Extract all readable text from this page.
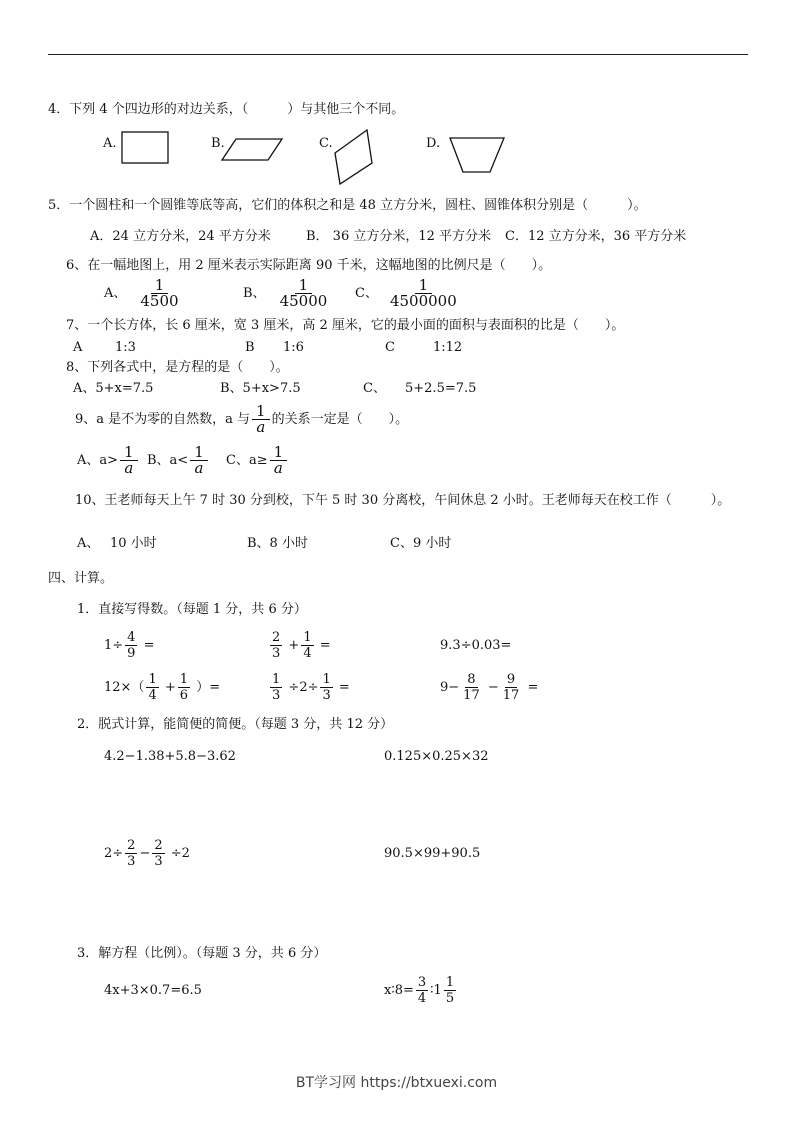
4．下列 4 个四边形的对边关系，（　　　）与其他三个不同。
A.	B.	C.	D.
5．一个圆柱和一个圆锥等底等高，它们的体积之和是 48 立方分米，圆柱、圆锥体积分别是（　　　）。
A．24 立方分米，24 平方分米	B． 36 立方分米，12 平方分米 C．12 立方分米，36 平方分米
6、在一幅地图上，用 2 厘米表示实际距离 90 千米，这幅地图的比例尺是（　　）。
A、 $\frac{1}{4500}$	B、 $\frac{1}{45000}$ C、 $\frac{1}{4500000}$
7、一个长方体，长 6 厘米，宽 3 厘米，高 2 厘米，它的最小面的面积与表面积的比是（　　）。
A	1:3	B 1:6	C	1:12
8、下列各式中，是方程的是（　　）。
A、5+x=7.5	B、5+x>7.5	C、 5+2.5=7.5
9、a 是不为零的自然数，a 与 $\frac{1}{a}$ 的关系一定是（　　）。
A、$a> \frac{1}{a}$ B、$a< \frac{1}{a}$ C、$a\ge \frac{1}{a}$
10、王老师每天上午 7 时 30 分到校，下午 5 时 30 分离校，午间休息 2 小时。王老师每天在校工作（　　　）。
A、 10 小时	B、8 小时	C、9 小时
四、计算。
1．直接写得数。（每题 1 分，共 6 分）
$1\div \frac{4}{9}$ =	$\frac{2}{3} + \frac{1}{4}$ =	9.3÷0.03=
$12\times( \frac{1}{4} + \frac{1}{6}$ ）=	$\frac{1}{3} \div 2\div \frac{1}{3}$ =	$9- \frac{8}{17} - \frac{9}{17}$ =
2．脱式计算，能简便的简便。（每题 3 分，共 12 分）
4.2−1.38+5.8−3.62	0.125×0.25×32
$2\div \frac{2}{3} - \frac{2}{3} \div 2$	90.5×99+90.5
3．解方程（比例）。（每题 3 分，共 6 分）
4x+3×0.7=6.5	x∶8= $\frac{3}{4}$ ∶1 $\frac{1}{5}$
BT学习网 https://btxuexi.com
